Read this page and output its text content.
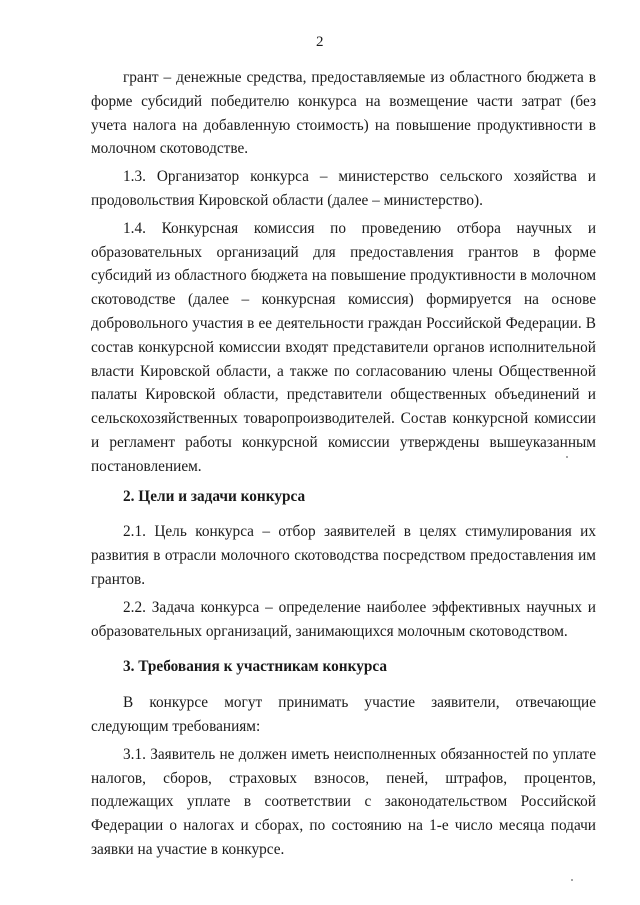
2

грант – денежные средства, предоставляемые из областного бюджета в форме субсидий победителю конкурса на возмещение части затрат (без учета налога на добавленную стоимость) на повышение продуктивности в молочном скотоводстве.

1.3. Организатор конкурса – министерство сельского хозяйства и продовольствия Кировской области (далее – министерство).

1.4. Конкурсная комиссия по проведению отбора научных и образовательных организаций для предоставления грантов в форме субсидий из областного бюджета на повышение продуктивности в молочном скотоводстве (далее – конкурсная комиссия) формируется на основе добровольного участия в ее деятельности граждан Российской Федерации. В состав конкурсной комиссии входят представители органов исполнительной власти Кировской области, а также по согласованию члены Общественной палаты Кировской области, представители общественных объединений и сельскохозяйственных товаропроизводителей. Состав конкурсной комиссии и регламент работы конкурсной комиссии утверждены вышеуказанным постановлением.

2. Цели и задачи конкурса

2.1. Цель конкурса – отбор заявителей в целях стимулирования их развития в отрасли молочного скотоводства посредством предоставления им грантов.

2.2. Задача конкурса – определение наиболее эффективных научных и образовательных организаций, занимающихся молочным скотоводством.

3. Требования к участникам конкурса

В конкурсе могут принимать участие заявители, отвечающие следующим требованиям:

3.1. Заявитель не должен иметь неисполненных обязанностей по уплате налогов, сборов, страховых взносов, пеней, штрафов, процентов, подлежащих уплате в соответствии с законодательством Российской Федерации о налогах и сборах, по состоянию на 1-е число месяца подачи заявки на участие в конкурсе.
